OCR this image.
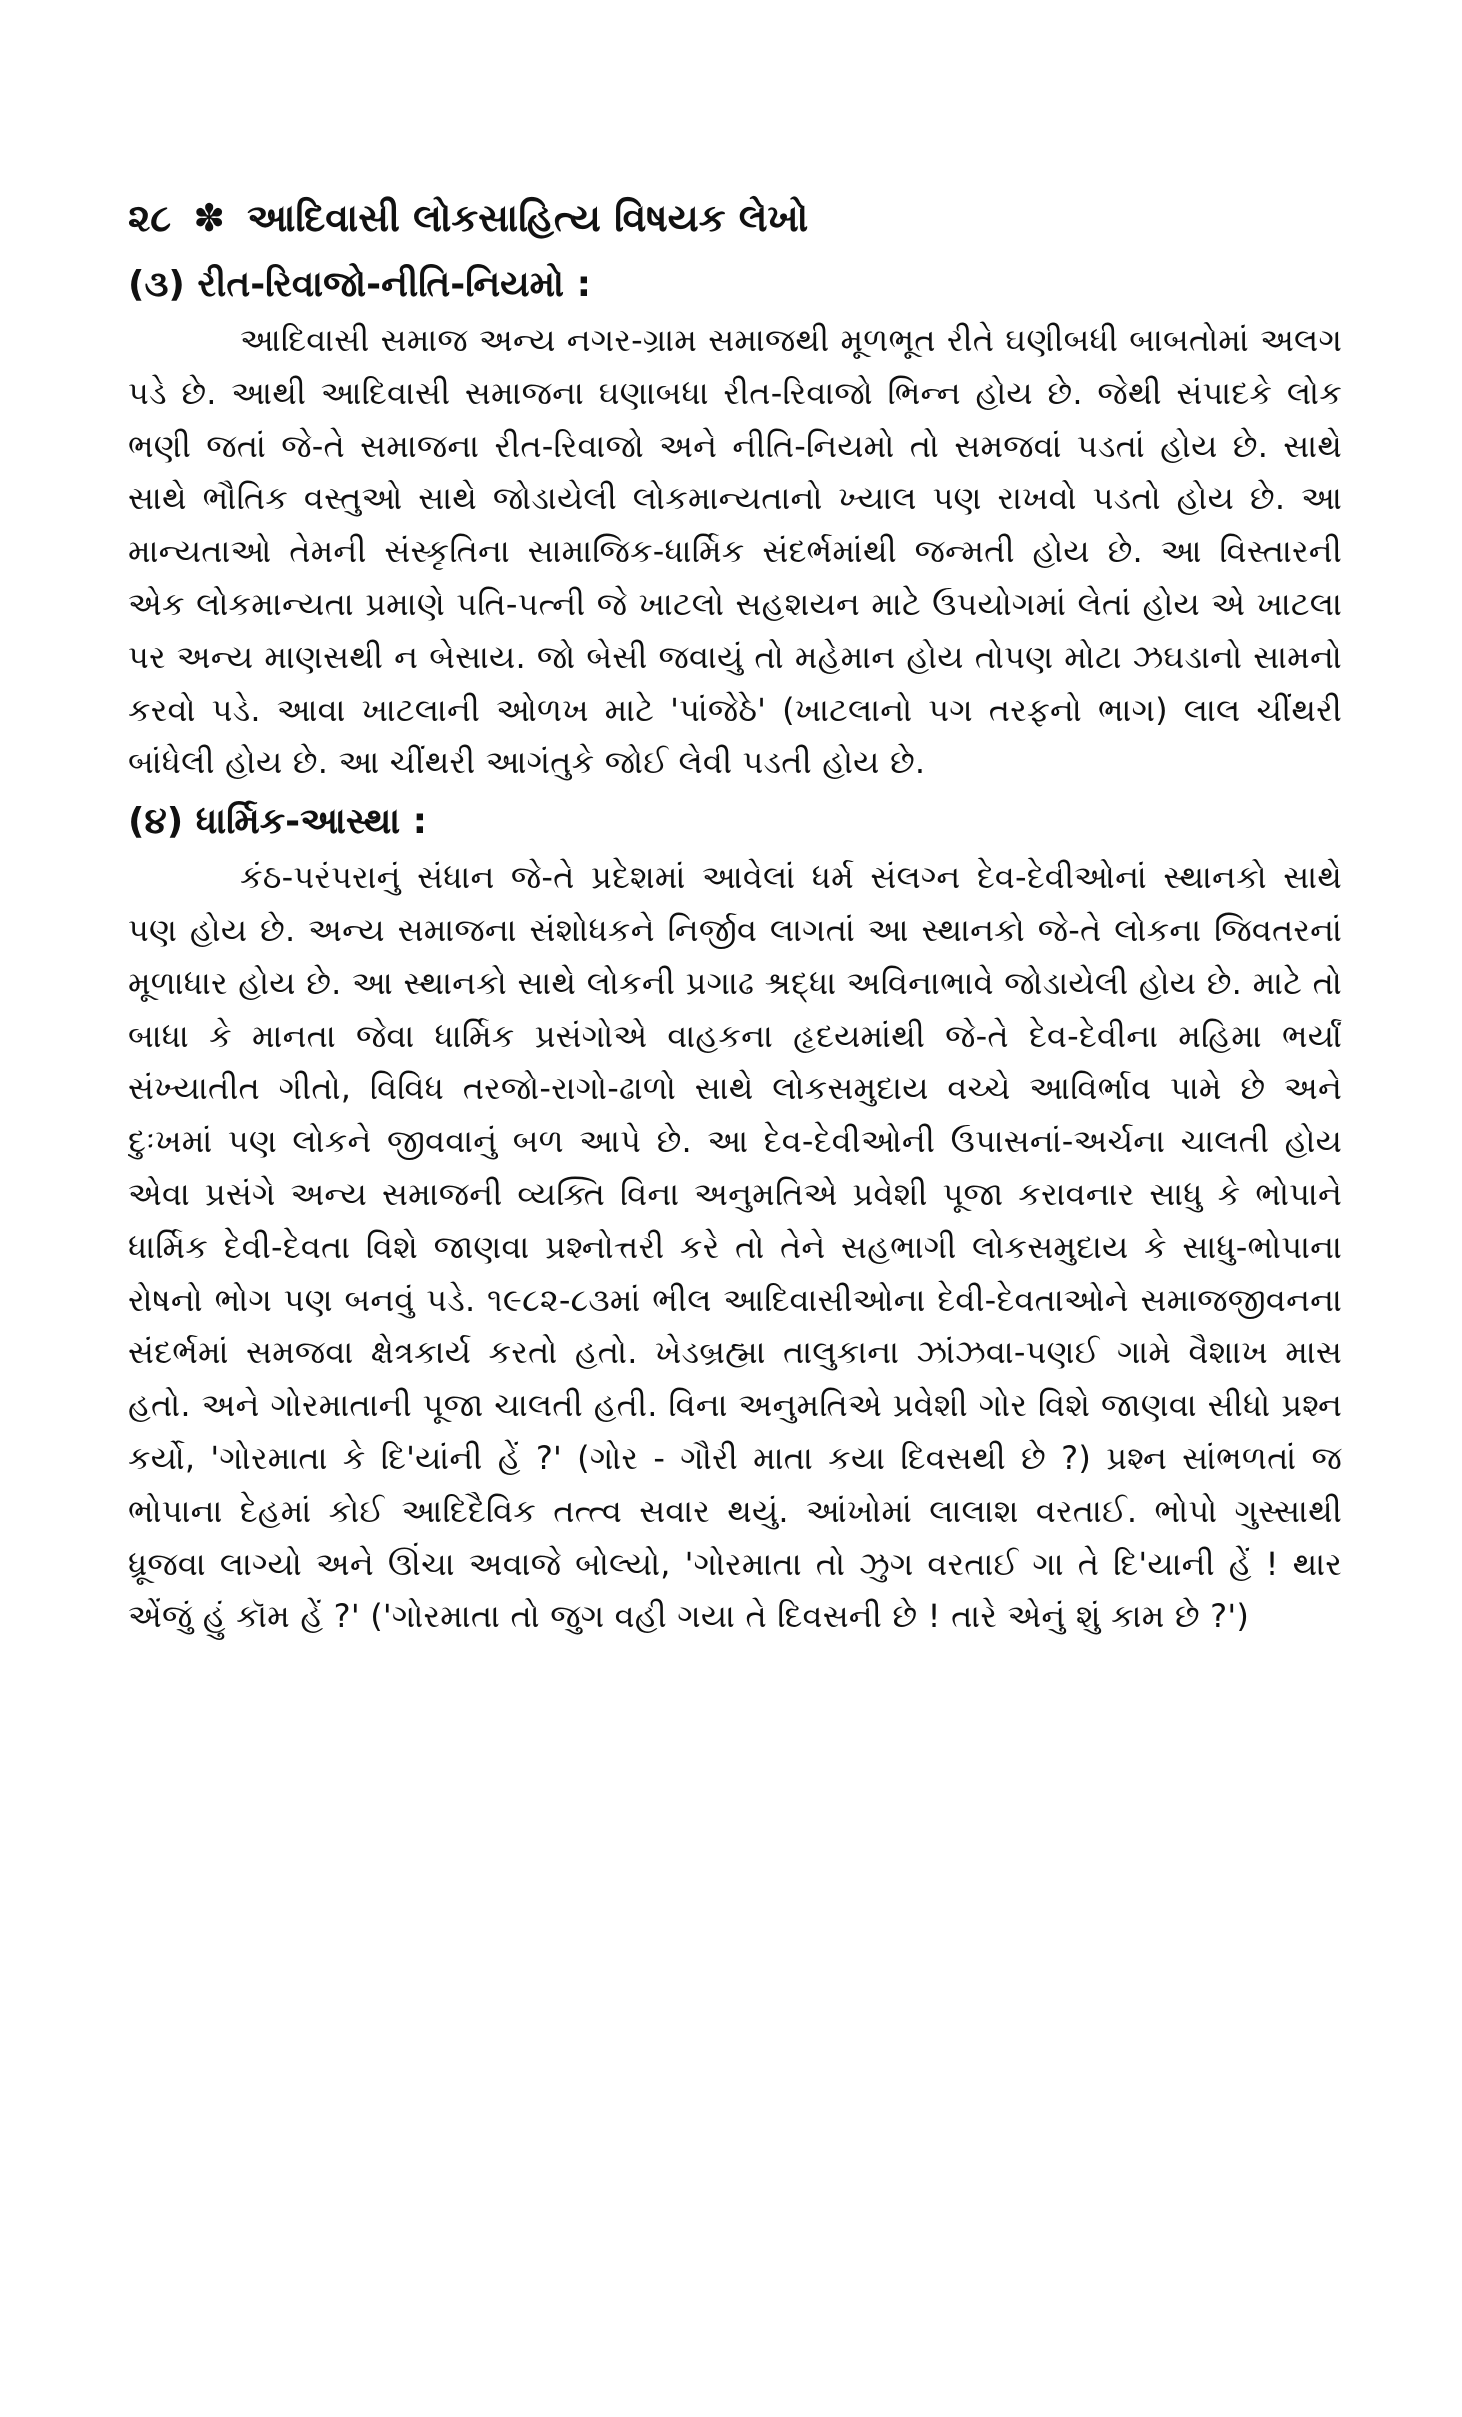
૨૮ ✽ આદિવાસી લોકસાહિત્ય વિષયક લેખો
(૩) રીત-રિવાજો-નીતિ-નિયમો :

આદિવાસી સમાજ અન્ય નગર-ગ્રામ સમાજથી મૂળભૂત રીતે ઘણીબધી બાબતોમાં અલગ પડે છે. આથી આદિવાસી સમાજના ઘણાબધા રીત-રિવાજો ભિન્ન હોય છે. જેથી સંપાદકે લોક ભણી જતાં જે-તે સમાજના રીત-રિવાજો અને નીતિ-નિયમો તો સમજવાં પડતાં હોય છે. સાથે સાથે ભૌતિક વસ્તુઓ સાથે જોડાયેલી લોકમાન્યતાનો ખ્યાલ પણ રાખવો પડતો હોય છે. આ માન્યતાઓ તેમની સંસ્કૃતિના સામાજિક-ધાર્મિક સંદર્ભમાંથી જન્મતી હોય છે. આ વિસ્તારની એક લોકમાન્યતા પ્રમાણે પતિ-પત્ની જે ખાટલો સહશયન માટે ઉપયોગમાં લેતાં હોય એ ખાટલા પર અન્ય માણસથી ન બેસાય. જો બેસી જવાયું તો મહેમાન હોય તોપણ મોટા ઝઘડાનો સામનો કરવો પડે. આવા ખાટલાની ઓળખ માટે 'પાંજેઠે' (ખાટલાનો પગ તરફનો ભાગ) લાલ ચીંથરી બાંધેલી હોય છે. આ ચીંથરી આગંતુકે જોઈ લેવી પડતી હોય છે.

(૪) ધાર્મિક-આસ્થા :

કંઠ-પરંપરાનું સંધાન જે-તે પ્રદેશમાં આવેલાં ધર્મ સંલગ્ન દેવ-દેવીઓનાં સ્થાનકો સાથે પણ હોય છે. અન્ય સમાજના સંશોધકને નિર્જીવ લાગતાં આ સ્થાનકો જે-તે લોકના જિવતરનાં મૂળાધાર હોય છે. આ સ્થાનકો સાથે લોકની પ્રગાઢ શ્રદ્ધા અવિનાભાવે જોડાયેલી હોય છે. માટે તો બાધા કે માનતા જેવા ધાર્મિક પ્રસંગોએ વાહકના હૃદયમાંથી જે-તે દેવ-દેવીના મહિમા ભર્યાં સંખ્યાતીત ગીતો, વિવિધ તરજો-રાગો-ઢાળો સાથે લોકસમુદાય વચ્ચે આવિર્ભાવ પામે છે અને દુઃખમાં પણ લોકને જીવવાનું બળ આપે છે. આ દેવ-દેવીઓની ઉપાસનાં-અર્ચના ચાલતી હોય એવા પ્રસંગે અન્ય સમાજની વ્યક્તિ વિના અનુમતિએ પ્રવેશી પૂજા કરાવનાર સાધુ કે ભોપાને ધાર્મિક દેવી-દેવતા વિશે જાણવા પ્રશ્નોત્તરી કરે તો તેને સહભાગી લોકસમુદાય કે સાધુ-ભોપાના રોષનો ભોગ પણ બનવું પડે. ૧૯૮૨-૮૩માં ભીલ આદિવાસીઓના દેવી-દેવતાઓને સમાજજીવનના સંદર્ભમાં સમજવા ક્ષેત્રકાર્ય કરતો હતો. ખેડબ્રહ્મા તાલુકાના ઝાંઝવા-પણઈ ગામે વૈશાખ માસ હતો. અને ગોરમાતાની પૂજા ચાલતી હતી. વિના અનુમતિએ પ્રવેશી ગોર વિશે જાણવા સીધો પ્રશ્ન કર્યો, 'ગોરમાતા કે દિ'યાંની હેં ?' (ગોર - ગૌરી માતા કયા દિવસથી છે ?) પ્રશ્ન સાંભળતાં જ ભોપાના દેહમાં કોઈ આદિદૈવિક તત્ત્વ સવાર થયું. આંખોમાં લાલાશ વરતાઈ. ભોપો ગુસ્સાથી ધ્રૂજવા લાગ્યો અને ઊંચા અવાજે બોલ્યો, 'ગોરમાતા તો ઝુગ વરતાઈ ગા તે દિ'યાની હેં ! થાર એંજું હું કૉમ હેં ?' ('ગોરમાતા તો જુગ વહી ગયા તે દિવસની છે ! તારે એનું શું કામ છે ?')
